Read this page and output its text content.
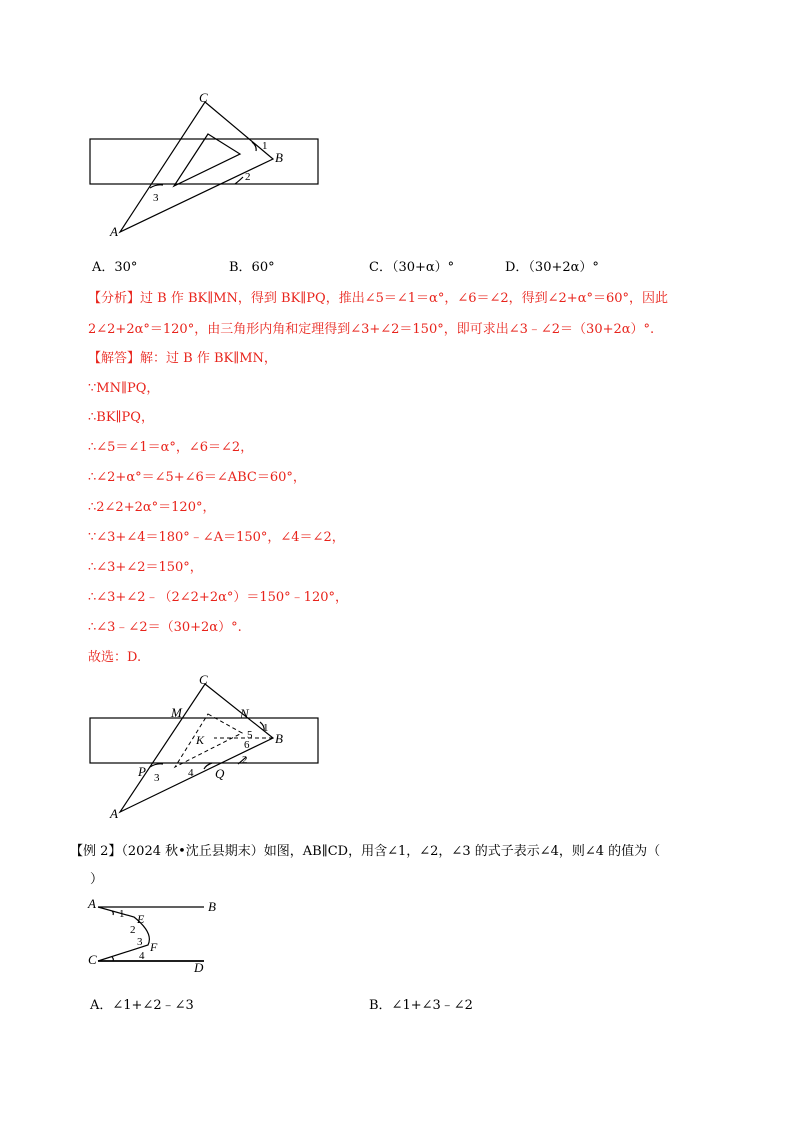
C
1
B
2
3
A
A．30°	B．60°	C．（30+α）°	D．（30+2α）°
【分析】过 B 作 BK∥MN，得到 BK∥PQ，推出∠5＝∠1＝α°，∠6＝∠2，得到∠2+α°＝60°，因此
2∠2+2α°＝120°，由三角形内角和定理得到∠3+∠2＝150°，即可求出∠3﹣∠2＝（30+2α）°.
【解答】解：过 B 作 BK∥MN，
∵MN∥PQ，
∴BK∥PQ，
∴∠5＝∠1＝α°，∠6＝∠2，
∴∠2+α°＝∠5+∠6＝∠ABC＝60°，
∴2∠2+2α°＝120°，
∵∠3+∠4＝180°﹣∠A＝150°，∠4＝∠2，
∴∠3+∠2＝150°，
∴∠3+∠2﹣（2∠2+2α°）＝150°﹣120°，
∴∠3﹣∠2＝（30+2α）°.
故选：D.
C
M	N
1
5
K	6 B
2
P 3	4 Q
A
【例 2】（2024 秋•沈丘县期末）如图，AB∥CD，用含∠1，∠2，∠3 的式子表示∠4，则∠4 的值为（
）
A
1 E
B
2
3 F
C	4
D
A．∠1+∠2﹣∠3	B．∠1+∠3﹣∠2
